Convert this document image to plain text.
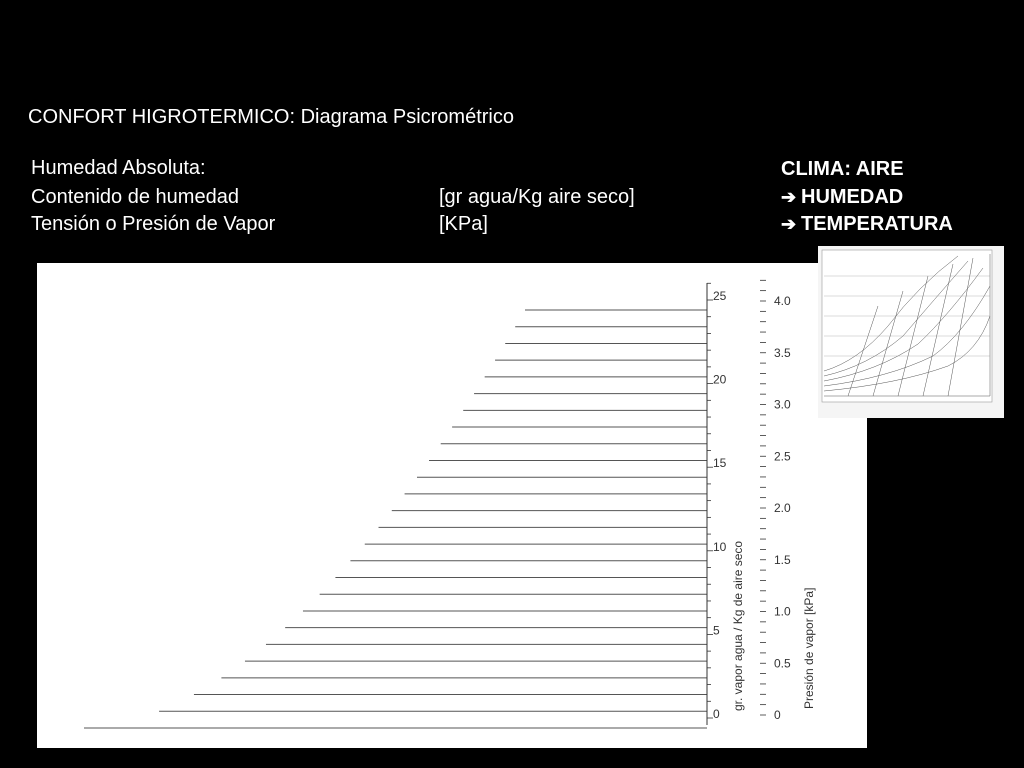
CONFORT HIGROTERMICO: Diagrama Psicrométrico
Humedad Absoluta:
Contenido de humedad	[gr agua/Kg aire seco]
Tensión o Presión de Vapor	[KPa]
CLIMA: AIRE
➔ HUMEDAD
➔ TEMPERATURA
0
5
10
15
20
25
gr. vapor agua / Kg de aire seco
0
0.5
1.0
1.5
2.0
2.5
3.0
3.5
4.0
Presión de vapor [kPa]
